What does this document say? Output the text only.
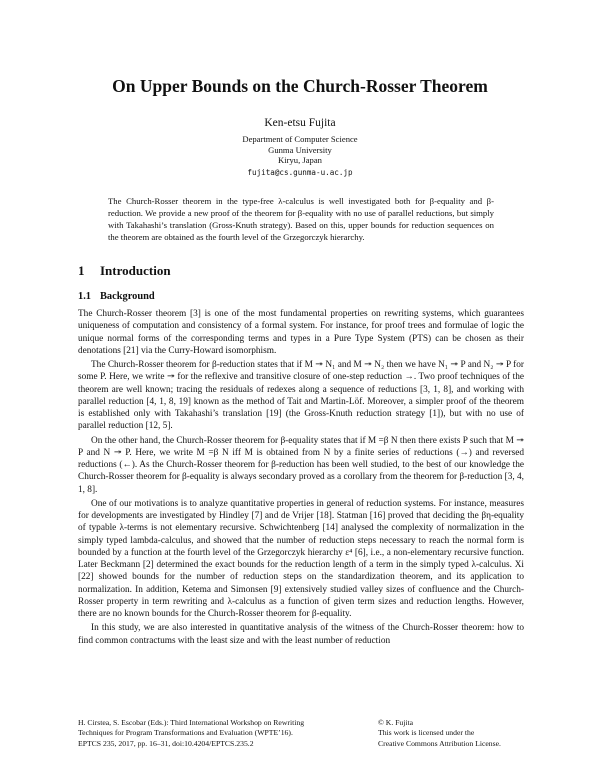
On Upper Bounds on the Church-Rosser Theorem
Ken-etsu Fujita
Department of Computer Science
Gunma University
Kiryu, Japan
fujita@cs.gunma-u.ac.jp

The Church-Rosser theorem in the type-free λ-calculus is well investigated both for β-equality and β-reduction. We provide a new proof of the theorem for β-equality with no use of parallel reductions, but simply with Takahashi’s translation (Gross-Knuth strategy). Based on this, upper bounds for reduction sequences on the theorem are obtained as the fourth level of the Grzegorczyk hierarchy.

1 Introduction
1.1 Background

The Church-Rosser theorem [3] is one of the most fundamental properties on rewriting systems, which guarantees uniqueness of computation and consistency of a formal system. For instance, for proof trees and formulae of logic the unique normal forms of the corresponding terms and types in a Pure Type System (PTS) can be chosen as their denotations [21] via the Curry-Howard isomorphism.

The Church-Rosser theorem for β-reduction states that if M ↠ N₁ and M ↠ N₂ then we have N₁ ↠ P and N₂ ↠ P for some P. Here, we write ↠ for the reflexive and transitive closure of one-step reduction →. Two proof techniques of the theorem are well known; tracing the residuals of redexes along a sequence of reductions [3, 1, 8], and working with parallel reduction [4, 1, 8, 19] known as the method of Tait and Martin-Löf. Moreover, a simpler proof of the theorem is established only with Takahashi’s translation [19] (the Gross-Knuth reduction strategy [1]), but with no use of parallel reduction [12, 5].

On the other hand, the Church-Rosser theorem for β-equality states that if M =β N then there exists P such that M ↠ P and N ↠ P. Here, we write M =β N iff M is obtained from N by a finite series of reductions (→) and reversed reductions (←). As the Church-Rosser theorem for β-reduction has been well studied, to the best of our knowledge the Church-Rosser theorem for β-equality is always secondary proved as a corollary from the theorem for β-reduction [3, 4, 1, 8].

One of our motivations is to analyze quantitative properties in general of reduction systems. For instance, measures for developments are investigated by Hindley [7] and de Vrijer [18]. Statman [16] proved that deciding the βη-equality of typable λ-terms is not elementary recursive. Schwichtenberg [14] analysed the complexity of normalization in the simply typed lambda-calculus, and showed that the number of reduction steps necessary to reach the normal form is bounded by a function at the fourth level of the Grzegorczyk hierarchy ε⁴ [6], i.e., a non-elementary recursive function. Later Beckmann [2] determined the exact bounds for the reduction length of a term in the simply typed λ-calculus. Xi [22] showed bounds for the number of reduction steps on the standardization theorem, and its application to normalization. In addition, Ketema and Simonsen [9] extensively studied valley sizes of confluence and the Church-Rosser property in term rewriting and λ-calculus as a function of given term sizes and reduction lengths. However, there are no known bounds for the Church-Rosser theorem for β-equality.

In this study, we are also interested in quantitative analysis of the witness of the Church-Rosser theorem: how to find common contractums with the least size and with the least number of reduction

H. Cirstea, S. Escobar (Eds.): Third International Workshop on Rewriting
Techniques for Program Transformations and Evaluation (WPTE’16).
EPTCS 235, 2017, pp. 16–31, doi:10.4204/EPTCS.235.2
© K. Fujita
This work is licensed under the
Creative Commons Attribution License.
